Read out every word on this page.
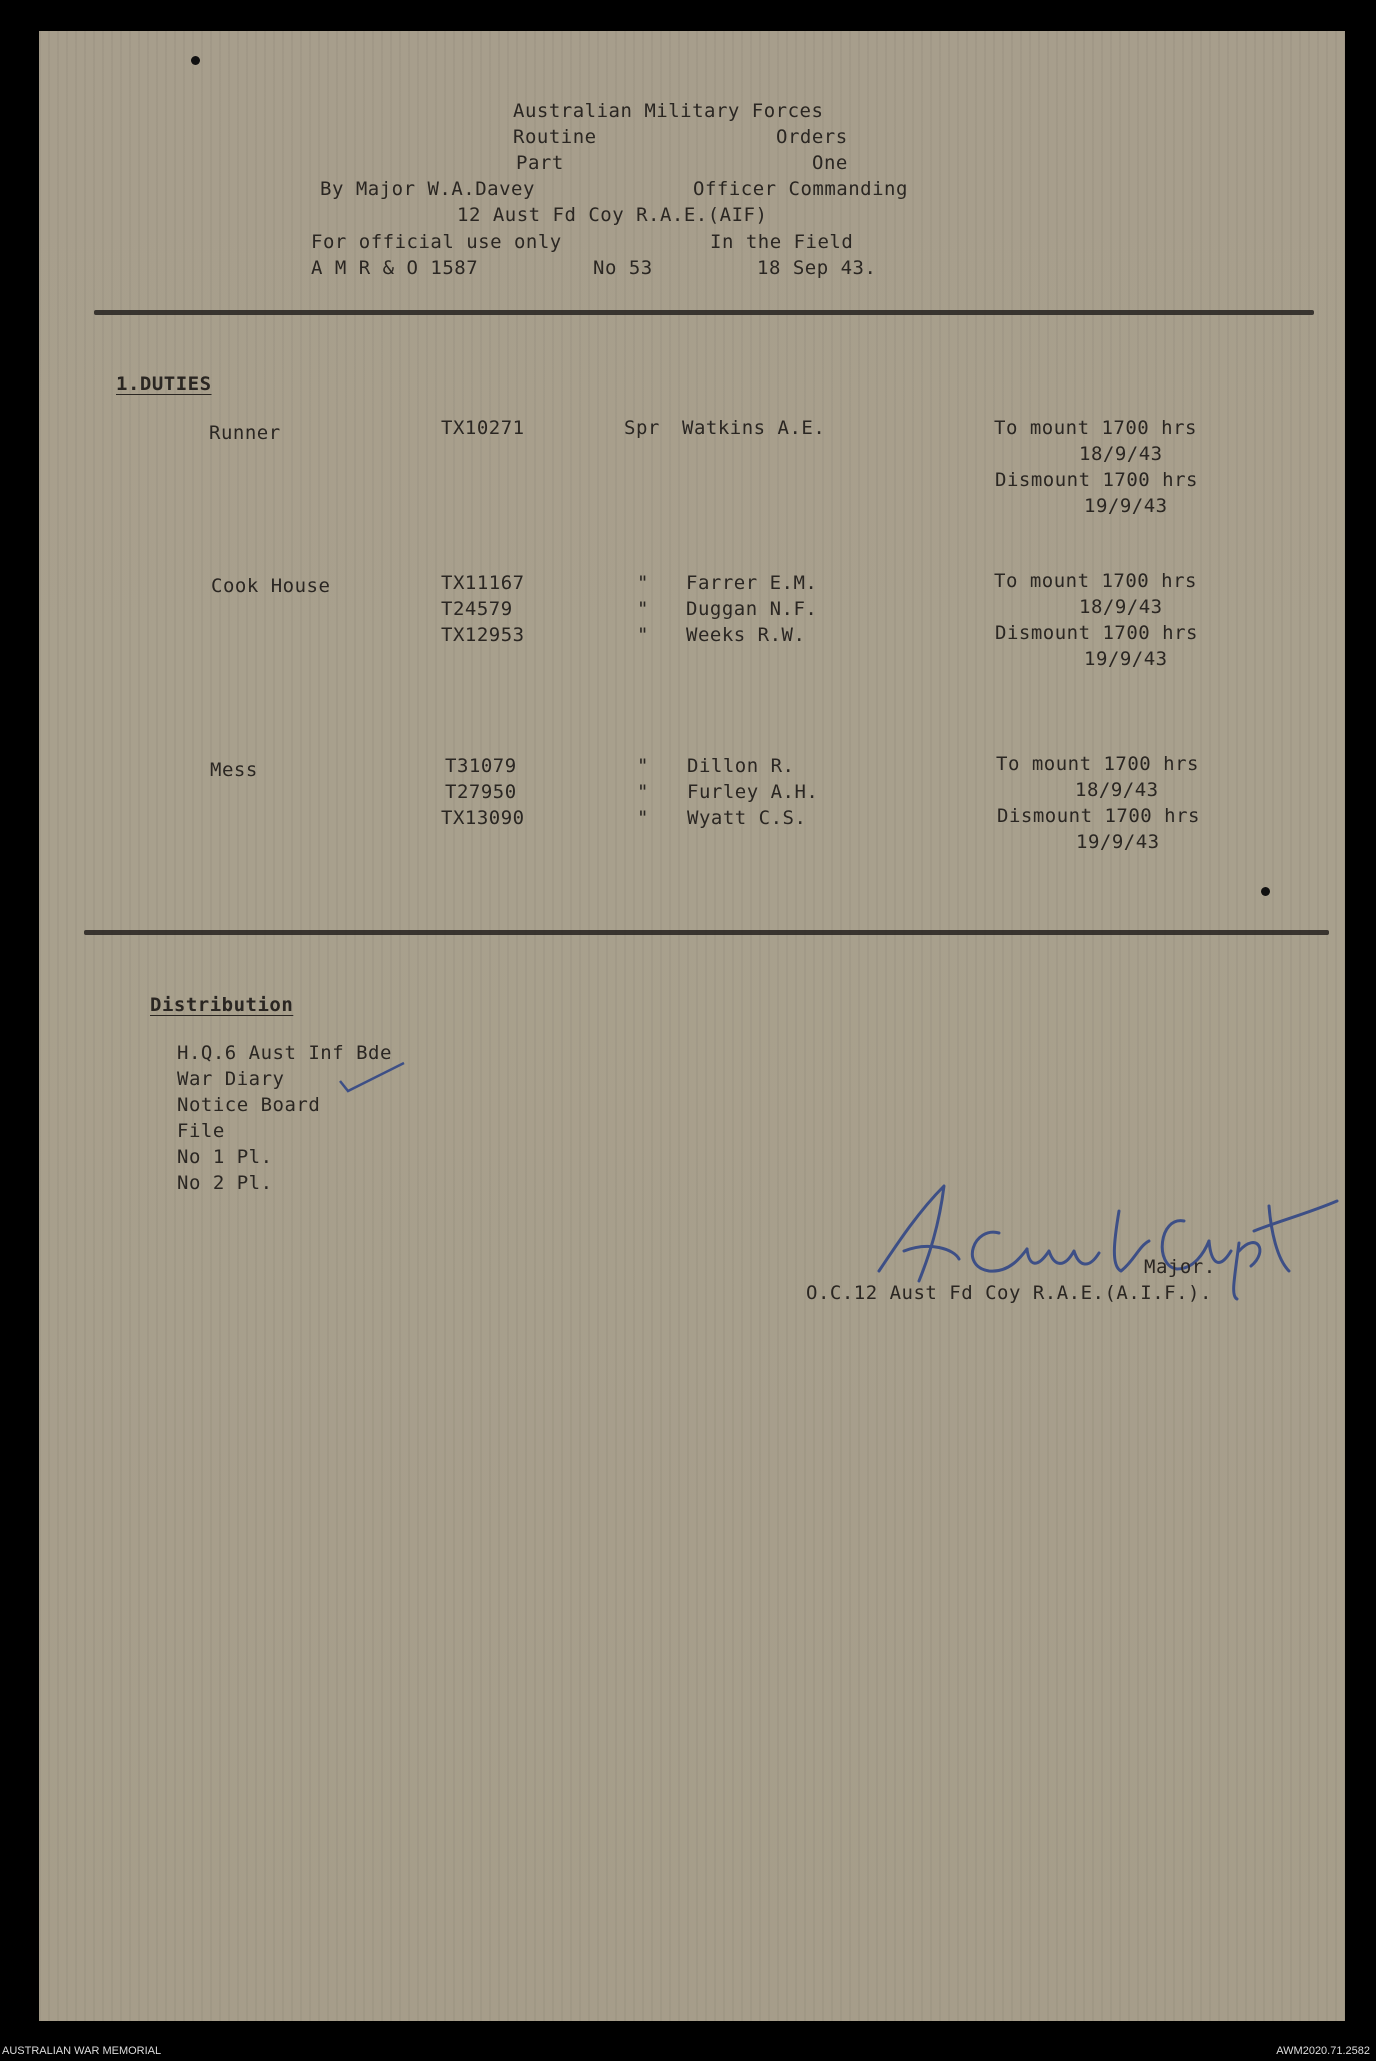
Australian Military Forces
Routine	Orders
Part	One
By Major W.A.Davey	Officer Commanding
12 Aust Fd Coy R.A.E.(AIF)
For official use only	In the Field
A M R & O 1587	No 53	18 Sep 43.
1.DUTIES
Runner	TX10271	Spr Watkins A.E.	To mount 1700 hrs
18/9/43
Dismount 1700 hrs
19/9/43
Cook House	TX11167	" Farrer E.M.
T24579	" Duggan N.F.
TX12953	" Weeks R.W.
To mount 1700 hrs
18/9/43
Dismount 1700 hrs
19/9/43
Mess	T31079	" Dillon R.
T27950	" Furley A.H.
TX13090	" Wyatt C.S.
To mount 1700 hrs
18/9/43
Dismount 1700 hrs
19/9/43
Distribution
H.Q.6 Aust Inf Bde
War Diary
Notice Board
File
No 1 Pl.
No 2 Pl.
Major.
O.C.12 Aust Fd Coy R.A.E.(A.I.F.).
AUSTRALIAN WAR MEMORIAL	AWM2020.71.2582
